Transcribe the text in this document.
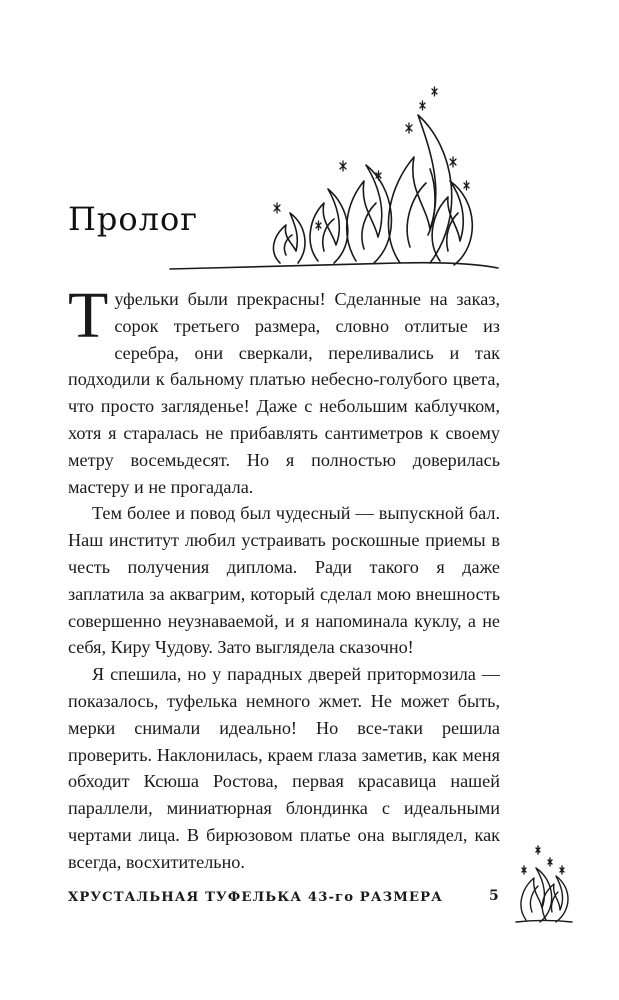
Пролог

Туфельки были прекрасны! Сделанные на заказ, сорок третьего размера, словно отлитые из серебра, они сверкали, переливались и так подходили к бальному платью небесно-голубого цвета, что просто загляденье! Даже с небольшим каблучком, хотя я старалась не прибавлять сантиметров к своему метру восемьдесят. Но я полностью доверилась мастеру и не прогадала.

Тем более и повод был чудесный — выпускной бал. Наш институт любил устраивать роскошные приемы в честь получения диплома. Ради такого я даже заплатила за аквагрим, который сделал мою внешность совершенно неузнаваемой, и я напоминала куклу, а не себя, Киру Чудову. Зато выглядела сказочно!

Я спешила, но у парадных дверей притормозила — показалось, туфелька немного жмет. Не может быть, мерки снимали идеально! Но все-таки решила проверить. Наклонилась, краем глаза заметив, как меня обходит Ксюша Ростова, первая красавица нашей параллели, миниатюрная блондинка с идеальными чертами лица. В бирюзовом платье она выглядел, как всегда, восхитительно.

ХРУСТАЛЬНАЯ ТУФЕЛЬКА 43-го РАЗМЕРА	5
